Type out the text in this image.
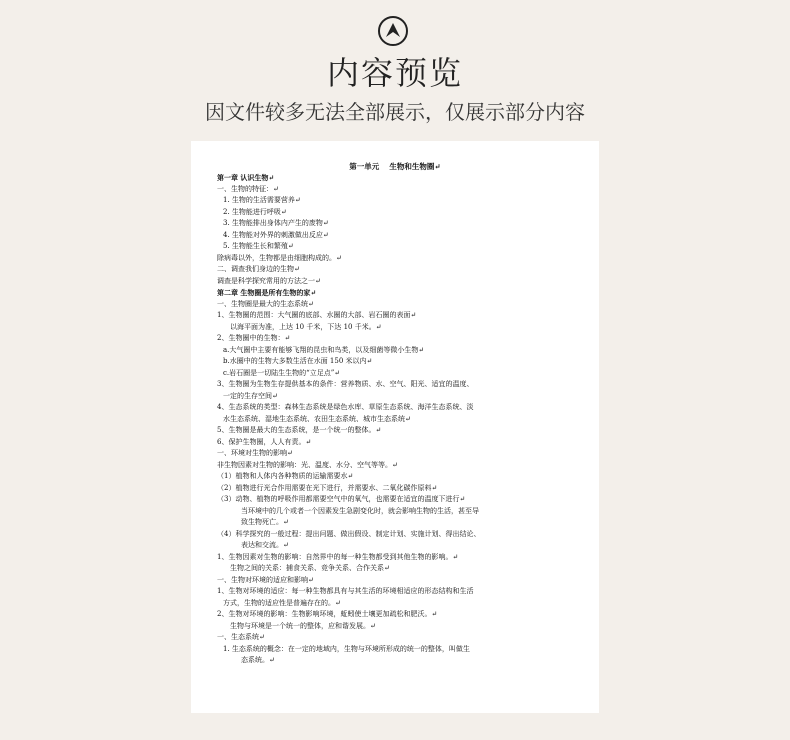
内容预览
因文件较多无法全部展示，仅展示部分内容
第一单元　 生物和生物圈↵
第一章 认识生物↵
一、生物的特征：↵
1. 生物的生活需要营养↵
2. 生物能进行呼吸↵
3. 生物能排出身体内产生的废物↵
4. 生物能对外界的刺激做出反应↵
5. 生物能生长和繁殖↵
除病毒以外，生物都是由细胞构成的。↵
二、调查我们身边的生物↵
调查是科学探究常用的方法之一↵
第二章 生物圈是所有生物的家↵
一、生物圈是最大的生态系统↵
1、生物圈的范围：大气圈的底部、水圈的大部、岩石圈的表面↵
以海平面为准，上达 10 千米，下达 10 千米。↵
2、生物圈中的生物：↵
a.大气圈中主要有能够飞翔的昆虫和鸟类，以及细菌等微小生物↵
b.水圈中的生物大多数生活在水面 150 米以内↵
c.岩石圈是一切陆生生物的“立足点”↵
3、生物圈为生物生存提供基本的条件：营养物质、水、空气、阳光、适宜的温度、
一定的生存空间↵
4、生态系统的类型：森林生态系统是绿色水库、草原生态系统、海洋生态系统、淡
水生态系统、湿地生态系统、农田生态系统、城市生态系统↵
5、生物圈是最大的生态系统，是一个统一的整体。↵
6、保护生物圈，人人有责。↵
一、环境对生物的影响↵
非生物因素对生物的影响：光、温度、水分、空气等等。↵
（1）植物和人体内各种物质的运输需要水↵
（2）植物进行光合作用需要在光下进行，并需要水、二氧化碳作原料↵
（3）动物、植物的呼吸作用都需要空气中的氧气，也需要在适宜的温度下进行↵
当环境中的几个或者一个因素发生急剧变化时，就会影响生物的生活，甚至导
致生物死亡。↵
（4）科学探究的一般过程：提出问题、做出假设、制定计划、实施计划、得出结论、
表达和交流。↵
1、生物因素对生物的影响：自然界中的每一种生物都受到其他生物的影响。↵
生物之间的关系：捕食关系、竞争关系、合作关系↵
一、生物对环境的适应和影响↵
1、生物对环境的适应：每一种生物都具有与其生活的环境相适应的形态结构和生活
方式，生物的适应性是普遍存在的。↵
2、生物对环境的影响：生物影响环境，蚯蚓使土壤更加疏松和肥沃。↵
生物与环境是一个统一的整体，应和谐发展。↵
一、生态系统↵
1. 生态系统的概念：在一定的地域内，生物与环境所形成的统一的整体，叫做生
态系统。↵
